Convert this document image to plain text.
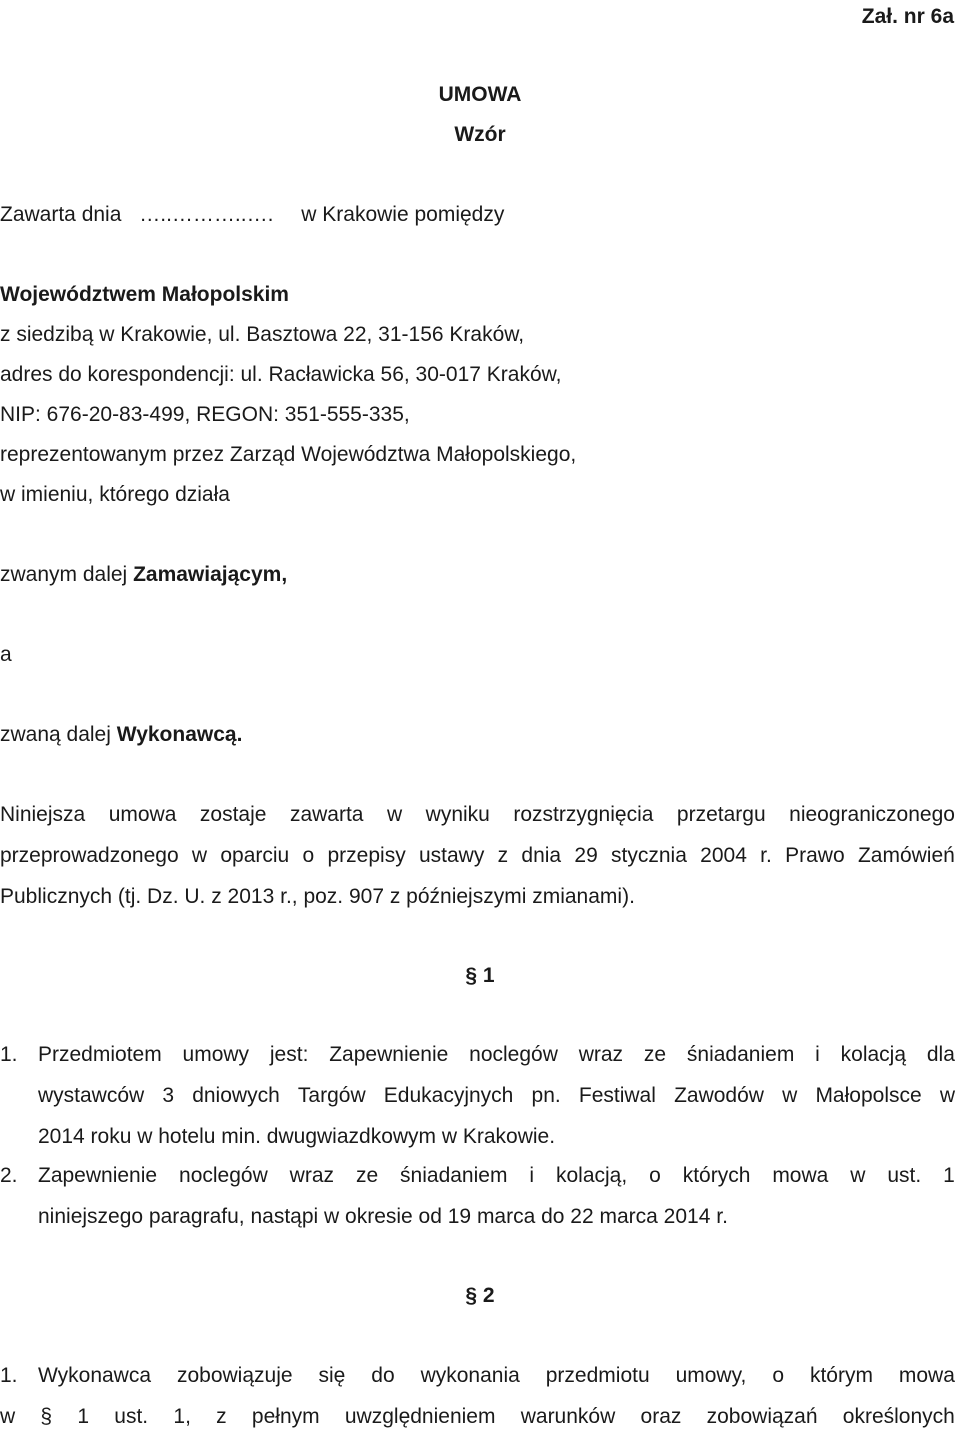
Zał. nr 6a
UMOWA
Wzór
Zawarta dnia …..………..…. w Krakowie pomiędzy
Województwem Małopolskim
z siedzibą w Krakowie, ul. Basztowa 22, 31-156 Kraków,
adres do korespondencji: ul. Racławicka 56, 30-017 Kraków,
NIP: 676-20-83-499, REGON: 351-555-335,
reprezentowanym przez Zarząd Województwa Małopolskiego,
w imieniu, którego działa
zwanym dalej Zamawiającym,
a
zwaną dalej Wykonawcą.
Niniejsza umowa zostaje zawarta w wyniku rozstrzygnięcia przetargu nieograniczonego
przeprowadzonego w oparciu o przepisy ustawy z dnia 29 stycznia 2004 r. Prawo Zamówień
Publicznych (tj. Dz. U. z 2013 r., poz. 907 z późniejszymi zmianami).
§ 1
1. Przedmiotem umowy jest: Zapewnienie noclegów wraz ze śniadaniem i kolacją dla
wystawców 3 dniowych Targów Edukacyjnych pn. Festiwal Zawodów w Małopolsce w
2014 roku w hotelu min. dwugwiazdkowym w Krakowie.
2. Zapewnienie noclegów wraz ze śniadaniem i kolacją, o których mowa w ust. 1
niniejszego paragrafu, nastąpi w okresie od 19 marca do 22 marca 2014 r.
§ 2
1. Wykonawca zobowiązuje się do wykonania przedmiotu umowy, o którym mowa
w § 1 ust. 1, z pełnym uwzględnieniem warunków oraz zobowiązań określonych
